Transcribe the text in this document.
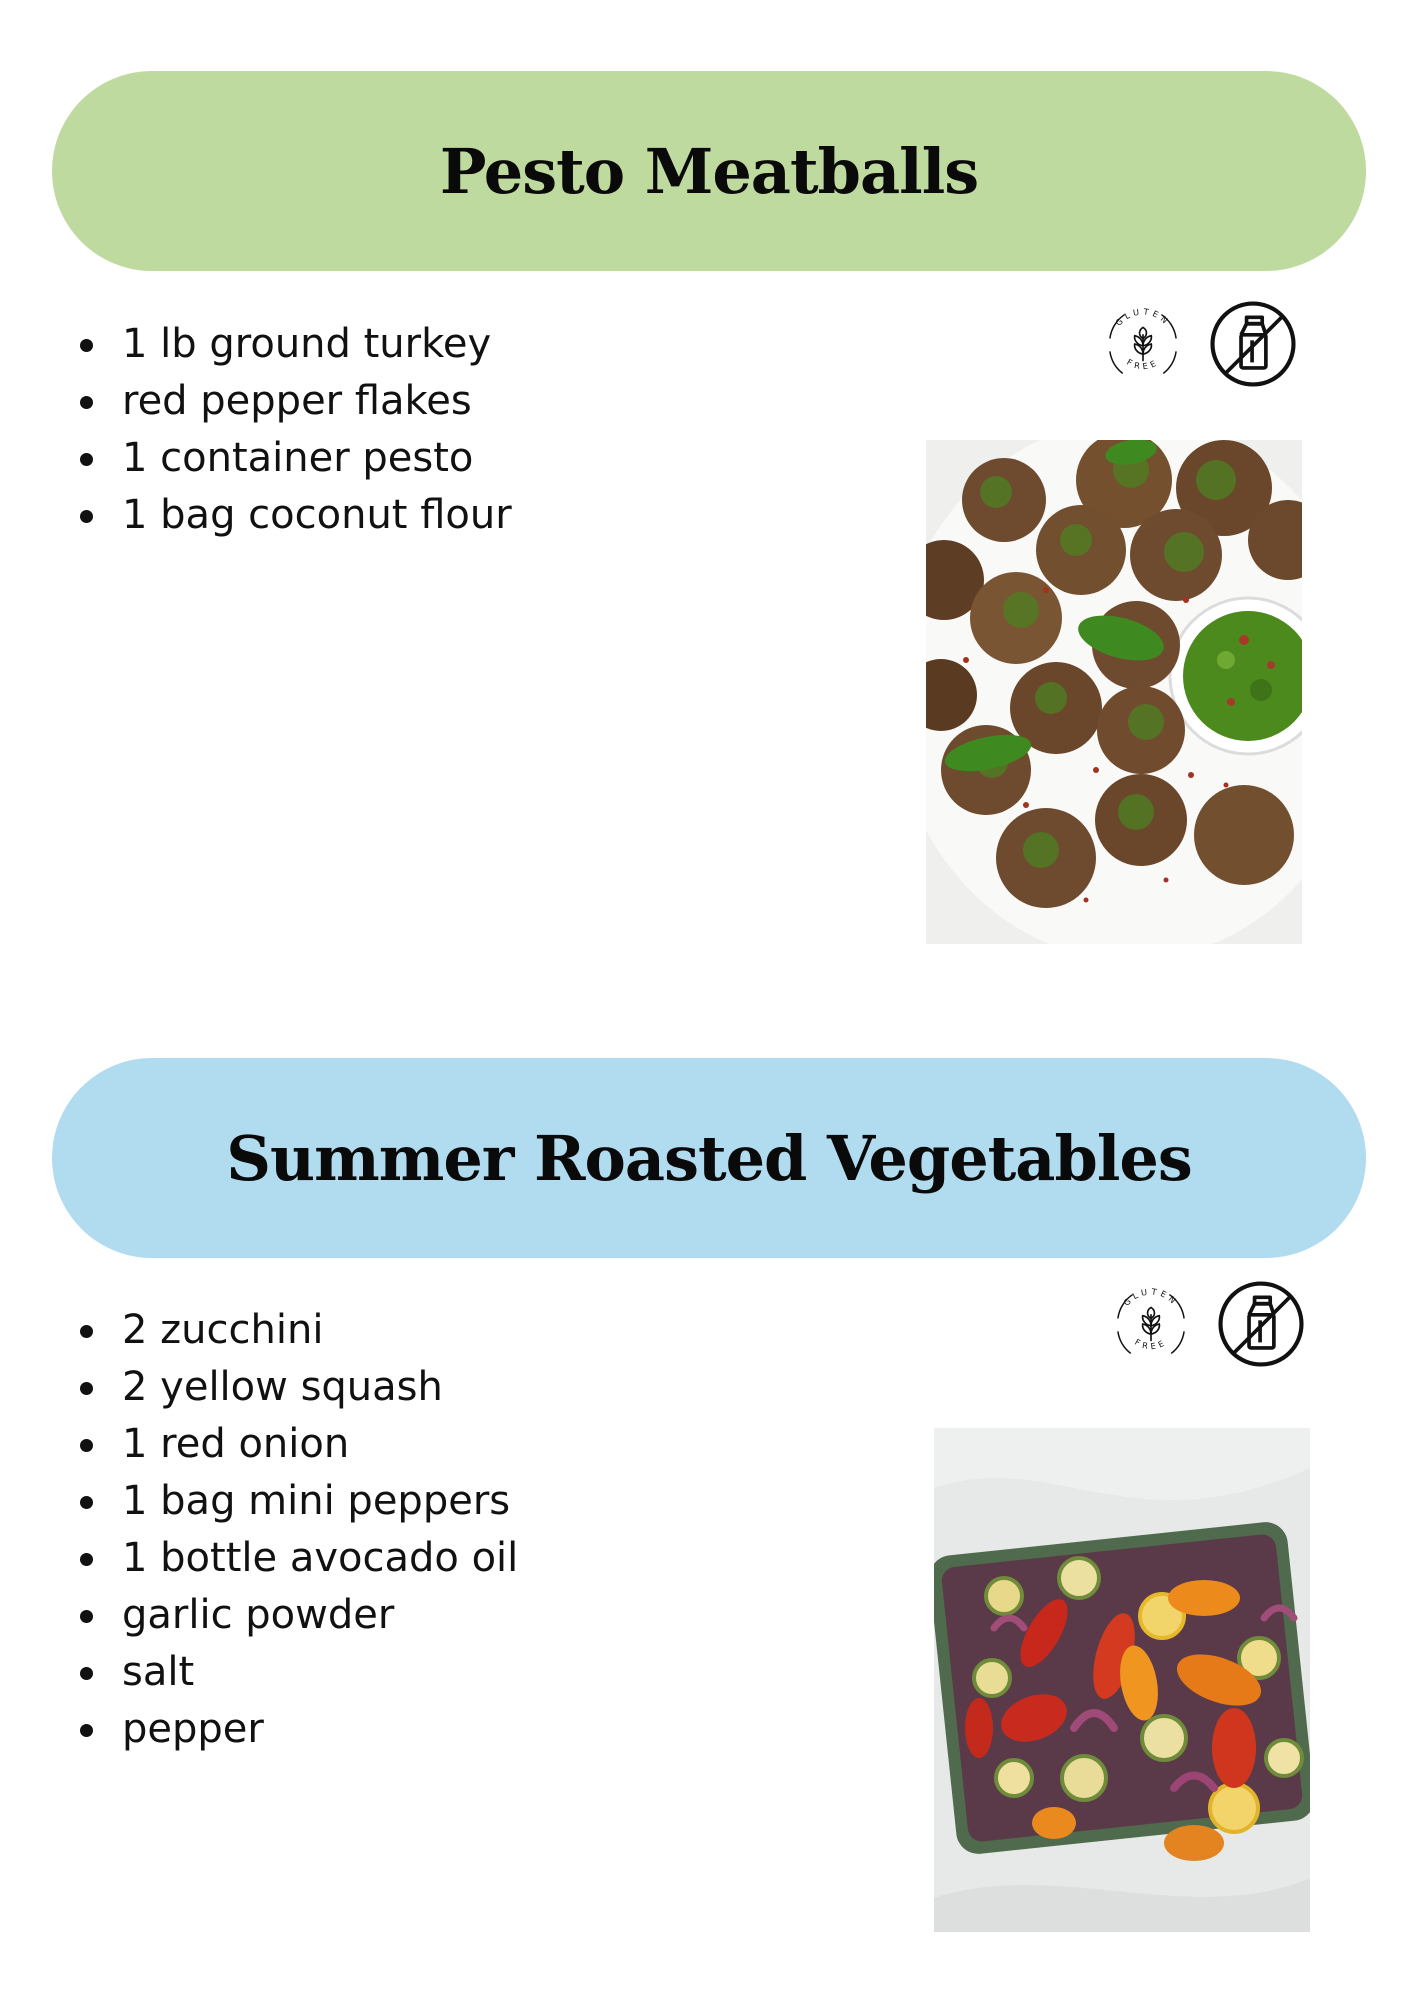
Pesto Meatballs
1 lb ground turkey
red pepper flakes
1 container pesto
1 bag coconut flour
GLUTEN
FREE
Summer Roasted Vegetables
2 zucchini
2 yellow squash
1 red onion
1 bag mini peppers
1 bottle avocado oil
garlic powder
salt
pepper
GLUTEN
FREE
